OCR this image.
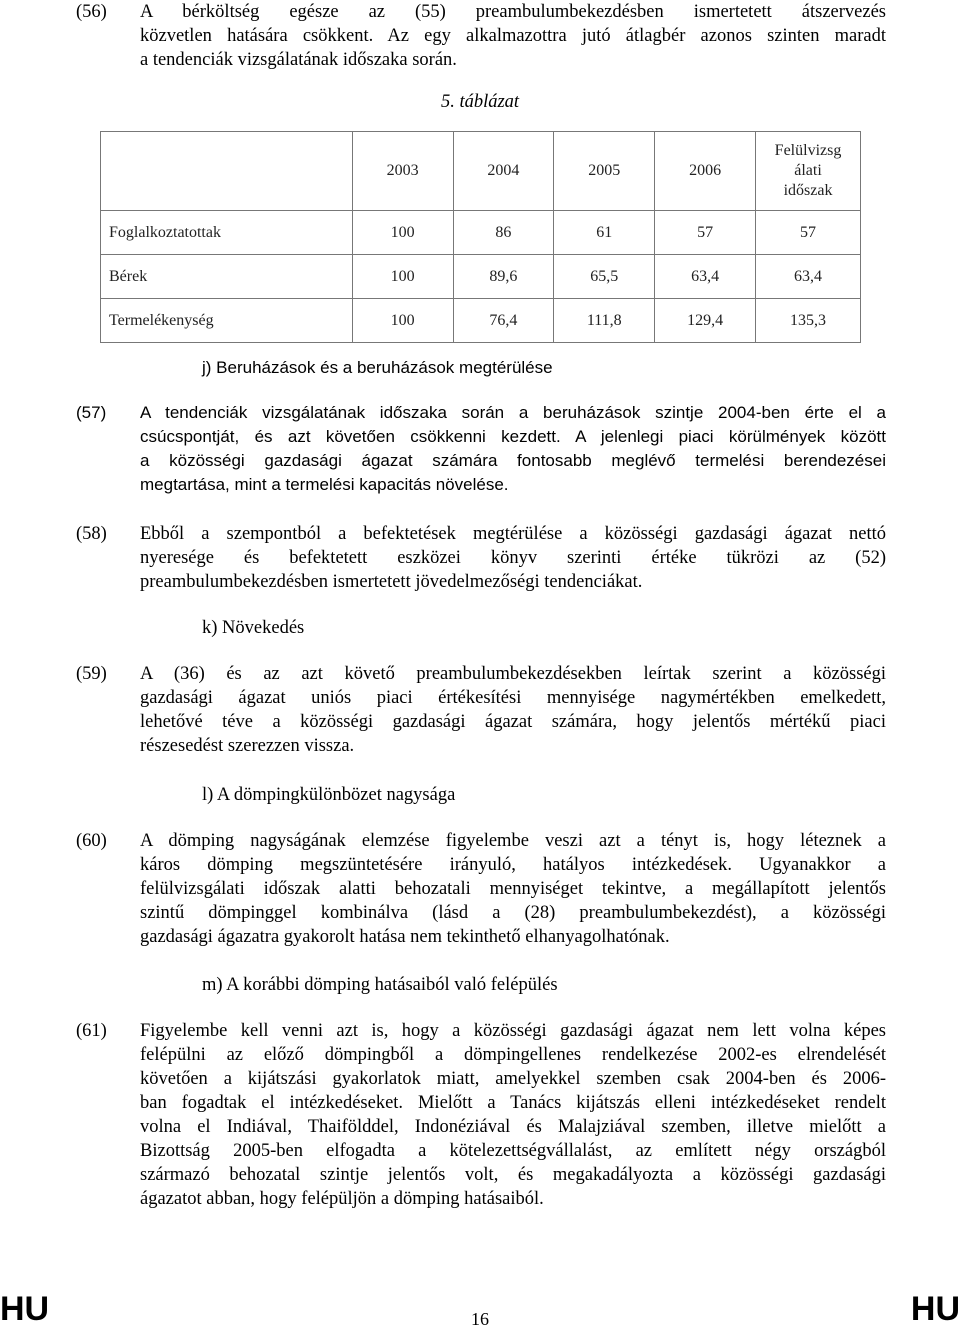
(56)	A bérköltség egésze az (55) preambulumbekezdésben ismertetett átszervezés
közvetlen hatására csökkent. Az egy alkalmazottra jutó átlagbér azonos szinten maradt
a tendenciák vizsgálatának időszaka során.
5. táblázat
	2003	2004	2005	2006	Felülvizsg
álati
időszak
Foglalkoztatottak	100	86	61	57	57
Bérek	100	89,6	65,5	63,4	63,4
Termelékenység	100	76,4	111,8	129,4	135,3
j) Beruházások és a beruházások megtérülése
(57)	A tendenciák vizsgálatának időszaka során a beruházások szintje 2004-ben érte el a
csúcspontját, és azt követően csökkenni kezdett. A jelenlegi piaci körülmények között
a közösségi gazdasági ágazat számára fontosabb meglévő termelési berendezései
megtartása, mint a termelési kapacitás növelése.
(58)	Ebből a szempontból a befektetések megtérülése a közösségi gazdasági ágazat nettó
nyeresége és befektetett eszközei könyv szerinti értéke tükrözi az (52)
preambulumbekezdésben ismertetett jövedelmezőségi tendenciákat.
k) Növekedés
(59)	A (36) és az azt követő preambulumbekezdésekben leírtak szerint a közösségi
gazdasági ágazat uniós piaci értékesítési mennyisége nagymértékben emelkedett,
lehetővé téve a közösségi gazdasági ágazat számára, hogy jelentős mértékű piaci
részesedést szerezzen vissza.
l) A dömpingkülönbözet nagysága
(60)	A dömping nagyságának elemzése figyelembe veszi azt a tényt is, hogy léteznek a
káros dömping megszüntetésére irányuló, hatályos intézkedések. Ugyanakkor a
felülvizsgálati időszak alatti behozatali mennyiséget tekintve, a megállapított jelentős
szintű dömpinggel kombinálva (lásd a (28) preambulumbekezdést), a közösségi
gazdasági ágazatra gyakorolt hatása nem tekinthető elhanyagolhatónak.
m) A korábbi dömping hatásaiból való felépülés
(61)	Figyelembe kell venni azt is, hogy a közösségi gazdasági ágazat nem lett volna képes
felépülni az előző dömpingből a dömpingellenes rendelkezése 2002-es elrendelését
követően a kijátszási gyakorlatok miatt, amelyekkel szemben csak 2004-ben és 2006-
ban fogadtak el intézkedéseket. Mielőtt a Tanács kijátszás elleni intézkedéseket rendelt
volna el Indiával, Thaifölddel, Indonéziával és Malajziával szemben, illetve mielőtt a
Bizottság 2005-ben elfogadta a kötelezettségvállalást, az említett négy országból
származó behozatal szintje jelentős volt, és megakadályozta a közösségi gazdasági
ágazatot abban, hogy felépüljön a dömping hatásaiból.
HU	16	HU
